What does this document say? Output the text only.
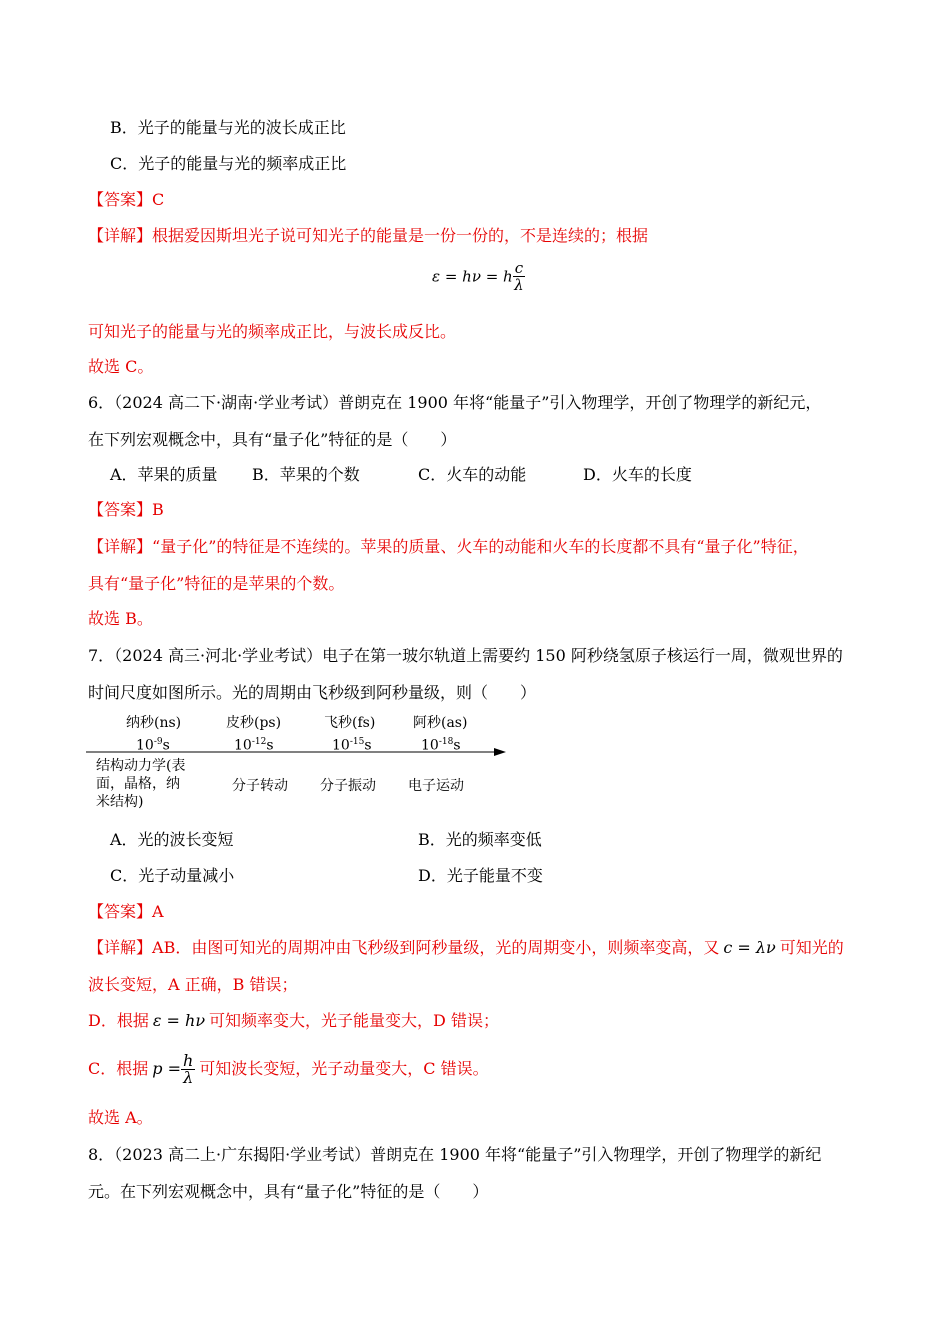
B．光子的能量与光的波长成正比
C．光子的能量与光的频率成正比
【答案】C
【详解】根据爱因斯坦光子说可知光子的能量是一份一份的，不是连续的；根据
ε = hν = h $\frac{c}{\lambda}$
可知光子的能量与光的频率成正比，与波长成反比。
故选 C。
6．（2024 高二下·湖南·学业考试）普朗克在 1900 年将“能量子”引入物理学，开创了物理学的新纪元，
在下列宏观概念中，具有“量子化”特征的是（　　）
A．苹果的质量 B．苹果的个数	C．火车的动能	D．火车的长度
【答案】B
【详解】“量子化”的特征是不连续的。苹果的质量、火车的动能和火车的长度都不具有“量子化”特征，
具有“量子化”特征的是苹果的个数。
故选 B。
7．（2024 高三·河北·学业考试）电子在第一玻尔轨道上需要约 150 阿秒绕氢原子核运行一周，微观世界的
时间尺度如图所示。光的周期由飞秒级到阿秒量级，则（　　）
纳秒(ns)
$10^{-9}s$
皮秒(ps)
$10^{-12}s$
飞秒(fs)
$10^{-15}s$
阿秒(as)
$10^{-18}s$
结构动力学(表
面，晶格，纳
米结构)
分子转动 分子振动 电子运动
A．光的波长变短	B．光的频率变低
C．光子动量减小	D．光子能量不变
【答案】A
【详解】AB．由图可知光的周期冲由飞秒级到阿秒量级，光的周期变小，则频率变高，又 c = λν 可知光的
波长变短，A 正确，B 错误；
D．根据 ε = hν 可知频率变大，光子能量变大，D 错误；
C．根据 $p = \frac{h}{\lambda}$ 可知波长变短，光子动量变大，C 错误。
故选 A。
8．（2023 高二上·广东揭阳·学业考试）普朗克在 1900 年将“能量子”引入物理学，开创了物理学的新纪
元。在下列宏观概念中，具有“量子化”特征的是（　　）
